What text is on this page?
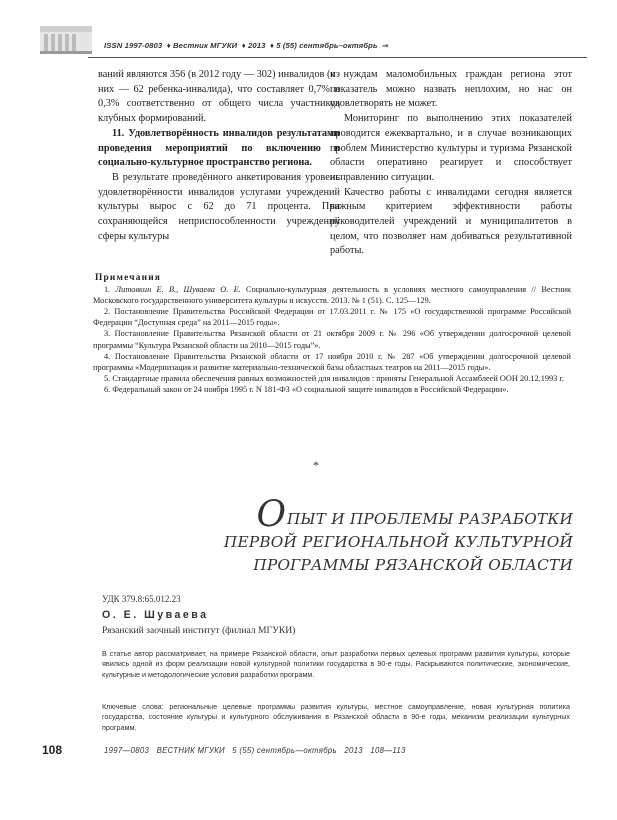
ISSN 1997-0803  ♦ Вестник МГУКИ  ♦ 2013  ♦ 5 (55) сентябрь–октябрь ⇒

ваний являются 356 (в 2012 году — 302) инвалидов (из них — 62 ребенка-инвалида), что составляет 0,7% и 0,3% соответственно от общего числа участников клубных формирований.

11. Удовлетворённость инвалидов результатами проведения мероприятий по включению в социально-культурное пространство региона.

В результате проведённого анкетирования уровень удовлетворённости инвалидов услугами учреждений культуры вырос с 62 до 71 процента. При сохраняющейся неприспособленности учреждений сферы культуры

к нуждам маломобильных граждан региона этот показатель можно назвать неплохим, но нас он удовлетворять не может.

Мониторинг по выполнению этих показателей проводится ежеквартально, и в случае возникающих проблем Министерство культуры и туризма Рязанской области оперативно реагирует и способствует исправлению ситуации.

Качество работы с инвалидами сегодня является важным критерием эффективности работы руководителей учреждений и муниципалитетов в целом, что позволяет нам добиваться результативной работы.

Примечания

1. Литовкин Е. В., Шуваева О. Е. Социально-культурная деятельность в условиях местного самоуправления // Вестник Московского государственного университета культуры и искусств. 2013. № 1 (51). С. 125—129.

2. Постановление Правительства Российской Федерации от 17.03.2011 г. № 175 «О государственной программе Российской Федерации “Доступная среда” на 2011—2015 годы».

3. Постановление Правительства Рязанской области от 21 октября 2009 г. № 296 «Об утверждении долгосрочной целевой программы “Культура Рязанской области на 2010—2015 годы”».

4. Постановление Правительства Рязанской области от 17 ноября 2010 г. № 287 «Об утверждении долгосрочной целевой программы «Модернизация и развитие материально-технической базы областных театров на 2011—2015 годы».

5. Стандартные правила обеспечения равных возможностей для инвалидов : приняты Генеральной Ассамблеей ООН 20.12.1993 г.

6. Федеральный закон от 24 ноября 1995 г. N 181-ФЗ «О социальной защите инвалидов в Российской Федерации».

*
ОПЫТ И ПРОБЛЕМЫ РАЗРАБОТКИ
ПЕРВОЙ РЕГИОНАЛЬНОЙ КУЛЬТУРНОЙ
ПРОГРАММЫ РЯЗАНСКОЙ ОБЛАСТИ
УДК 379.8:65.012.23
О. Е. Шуваева
Рязанский заочный институт (филиал МГУКИ)

В статье автор рассматривает, на примере Рязанской области, опыт разработки первых целевых программ развития культуры, которые явились одной из форм реализации новой культурной политики государства в 90-е годы. Раскрываются политические, экономические, культурные и методологические условия разработки программ.

Ключевые слова: региональные целевые программы развития культуры, местное самоуправление, новая культурная политика государства, состояние культуры и культурного обслуживания в Рязанской области в 90-е годы, механизм реализации культурных программ.

108	1997—0803 ВЕСТНИК МГУКИ 5 (55) сентябрь—октябрь 2013 108—113
